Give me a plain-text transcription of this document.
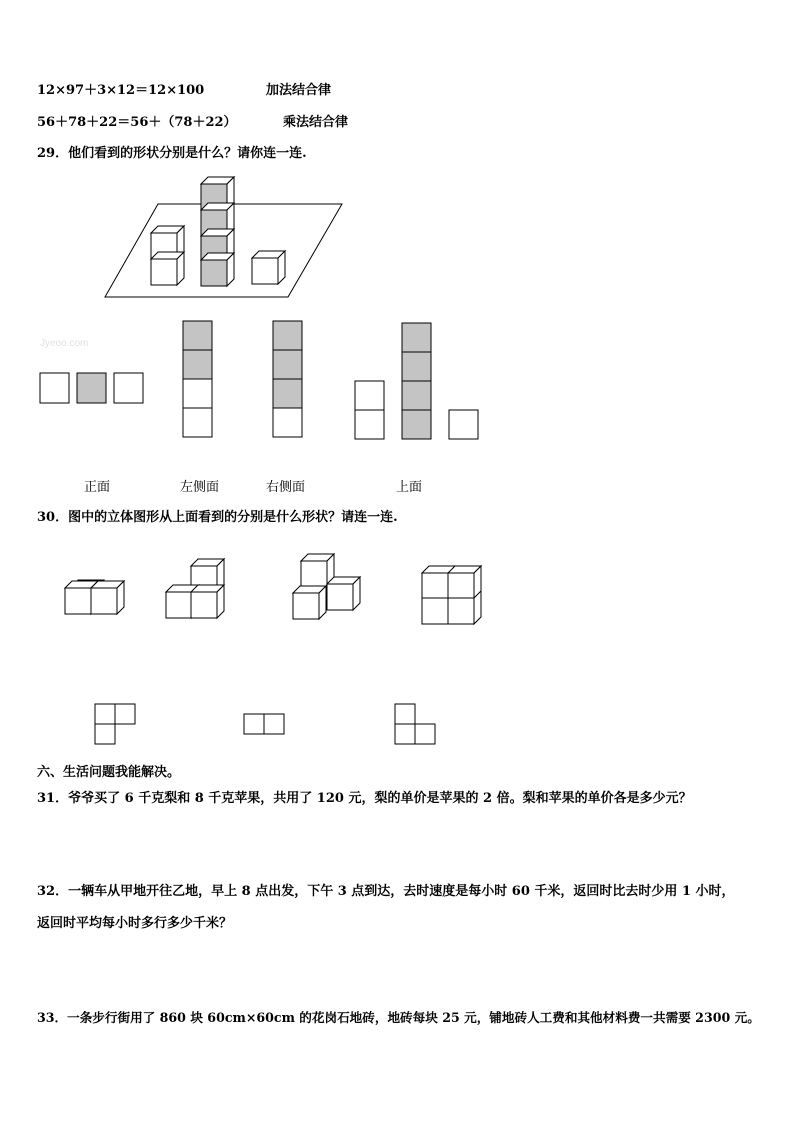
12×97＋3×12＝12×100	加法结合律
56＋78＋22＝56＋（78＋22）	乘法结合律
29．他们看到的形状分别是什么？请你连一连.
Jyeoo.com
正面	左侧面	右侧面	上面
30．图中的立体图形从上面看到的分别是什么形状？请连一连.
六、生活问题我能解决。
31．爷爷买了 6 千克梨和 8 千克苹果，共用了 120 元，梨的单价是苹果的 2 倍。梨和苹果的单价各是多少元？
32．一辆车从甲地开往乙地，早上 8 点出发，下午 3 点到达，去时速度是每小时 60 千米，返回时比去时少用 1 小时，
返回时平均每小时多行多少千米？
33．一条步行街用了 860 块 60cm×60cm 的花岗石地砖，地砖每块 25 元，铺地砖人工费和其他材料费一共需要 2300 元。
